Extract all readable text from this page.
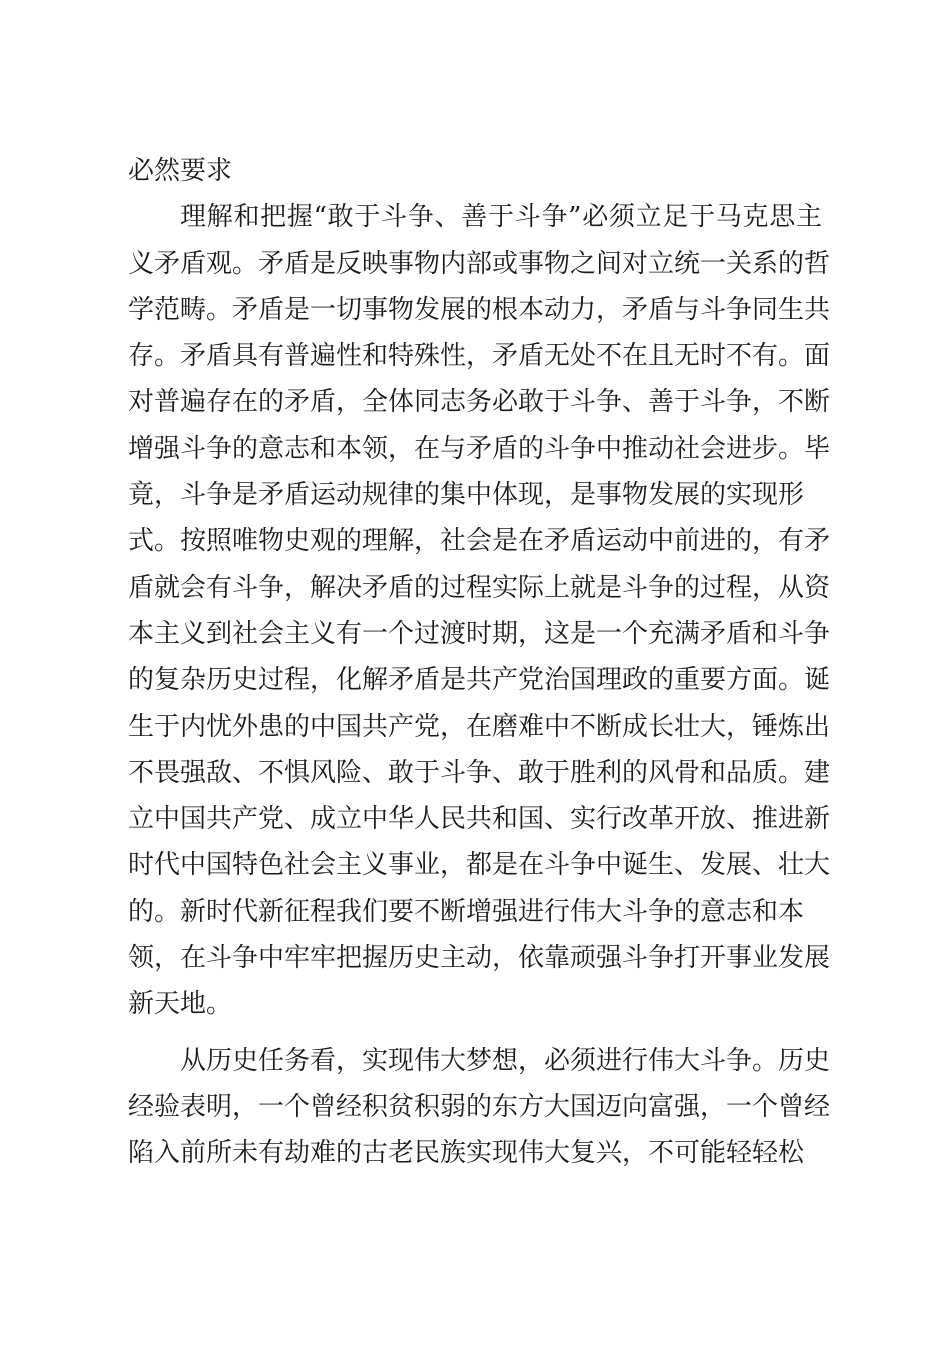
必然要求
理解和把握“敢于斗争、善于斗争”必须立足于马克思主
义矛盾观。矛盾是反映事物内部或事物之间对立统一关系的哲
学范畴。矛盾是一切事物发展的根本动力，矛盾与斗争同生共
存。矛盾具有普遍性和特殊性，矛盾无处不在且无时不有。面
对普遍存在的矛盾，全体同志务必敢于斗争、善于斗争，不断
增强斗争的意志和本领，在与矛盾的斗争中推动社会进步。毕
竟，斗争是矛盾运动规律的集中体现，是事物发展的实现形
式。按照唯物史观的理解，社会是在矛盾运动中前进的，有矛
盾就会有斗争，解决矛盾的过程实际上就是斗争的过程，从资
本主义到社会主义有一个过渡时期，这是一个充满矛盾和斗争
的复杂历史过程，化解矛盾是共产党治国理政的重要方面。诞
生于内忧外患的中国共产党，在磨难中不断成长壮大，锤炼出
不畏强敌、不惧风险、敢于斗争、敢于胜利的风骨和品质。建
立中国共产党、成立中华人民共和国、实行改革开放、推进新
时代中国特色社会主义事业，都是在斗争中诞生、发展、壮大
的。新时代新征程我们要不断增强进行伟大斗争的意志和本
领，在斗争中牢牢把握历史主动，依靠顽强斗争打开事业发展
新天地。
从历史任务看，实现伟大梦想，必须进行伟大斗争。历史
经验表明，一个曾经积贫积弱的东方大国迈向富强，一个曾经
陷入前所未有劫难的古老民族实现伟大复兴，不可能轻轻松
